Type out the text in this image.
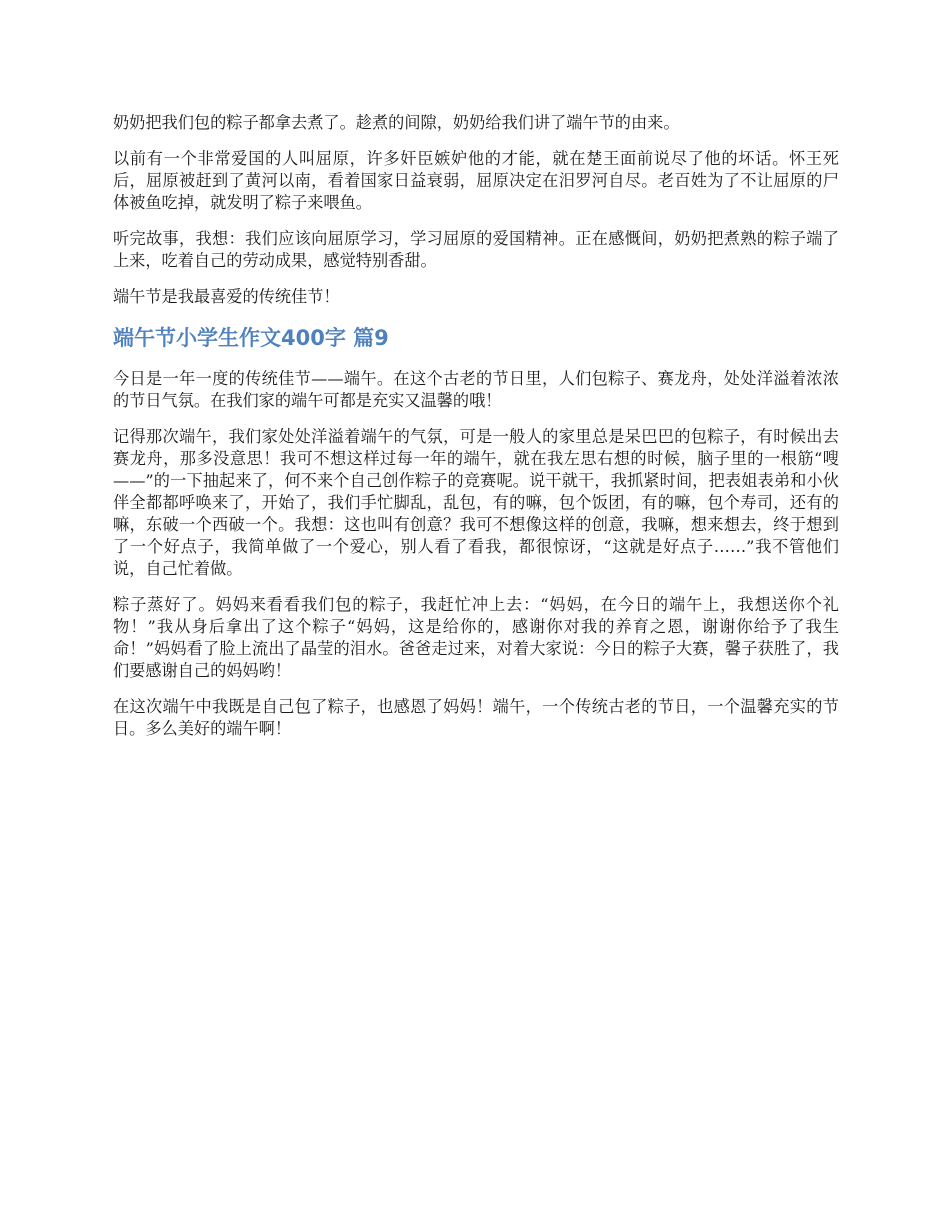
奶奶把我们包的粽子都拿去煮了。趁煮的间隙，奶奶给我们讲了端午节的由来。

以前有一个非常爱国的人叫屈原，许多奸臣嫉妒他的才能，就在楚王面前说尽了他的坏话。怀王死后，屈原被赶到了黄河以南，看着国家日益衰弱，屈原决定在汨罗河自尽。老百姓为了不让屈原的尸体被鱼吃掉，就发明了粽子来喂鱼。

听完故事，我想：我们应该向屈原学习，学习屈原的爱国精神。正在感慨间，奶奶把煮熟的粽子端了上来，吃着自己的劳动成果，感觉特别香甜。

端午节是我最喜爱的传统佳节！

端午节小学生作文400字 篇9

今日是一年一度的传统佳节——端午。在这个古老的节日里，人们包粽子、赛龙舟，处处洋溢着浓浓的节日气氛。在我们家的端午可都是充实又温馨的哦！

记得那次端午，我们家处处洋溢着端午的气氛，可是一般人的家里总是呆巴巴的包粽子，有时候出去赛龙舟，那多没意思！我可不想这样过每一年的端午，就在我左思右想的时候，脑子里的一根筋“嗖——”的一下抽起来了，何不来个自己创作粽子的竞赛呢。说干就干，我抓紧时间，把表姐表弟和小伙伴全都都呼唤来了，开始了，我们手忙脚乱，乱包，有的嘛，包个饭团，有的嘛，包个寿司，还有的嘛，东破一个西破一个。我想：这也叫有创意？我可不想像这样的创意，我嘛，想来想去，终于想到了一个好点子，我简单做了一个爱心，别人看了看我，都很惊讶，“这就是好点子……”我不管他们说，自己忙着做。

粽子蒸好了。妈妈来看看我们包的粽子，我赶忙冲上去：“妈妈，在今日的端午上，我想送你个礼物！”我从身后拿出了这个粽子“妈妈，这是给你的，感谢你对我的养育之恩，谢谢你给予了我生命！”妈妈看了脸上流出了晶莹的泪水。爸爸走过来，对着大家说：今日的粽子大赛，馨子获胜了，我们要感谢自己的妈妈哟！

在这次端午中我既是自己包了粽子，也感恩了妈妈！端午，一个传统古老的节日，一个温馨充实的节日。多么美好的端午啊！
